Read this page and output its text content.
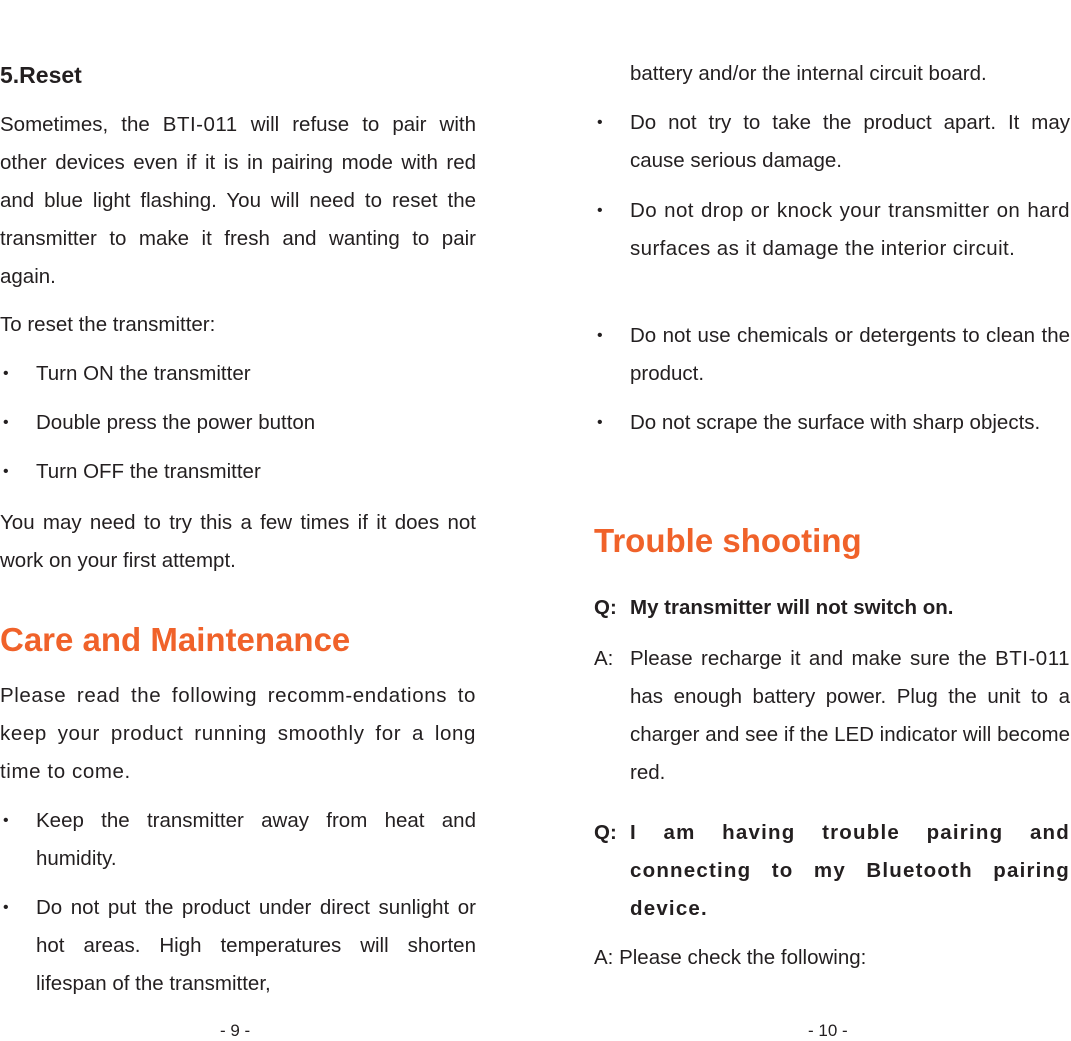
5.Reset

Sometimes, the BTI-011 will refuse to pair with other devices even if it is in pairing mode with red and blue light flashing. You will need to reset the transmitter to make it fresh and wanting to pair again.

To reset the transmitter:

• Turn ON the transmitter
• Double press the power button
• Turn OFF the transmitter

You may need to try this a few times if it does not work on your first attempt.

Care and Maintenance

Please read the following recomm-endations to keep your product running smoothly for a long time to come.

• Keep the transmitter away from heat and humidity.
• Do not put the product under direct sunlight or hot areas. High temperatures will shorten lifespan of the transmitter,
- 9 -
battery and/or the internal circuit board.
• Do not try to take the product apart. It may cause serious damage.
• Do not drop or knock your transmitter on hard surfaces as it damage the interior circuit.
• Do not use chemicals or detergents to clean the product.
• Do not scrape the surface with sharp objects.
Trouble shooting
Q: My transmitter will not switch on.
A: Please recharge it and make sure the BTI-011 has enough battery power. Plug the unit to a charger and see if the LED indicator will become red.
Q: I am having trouble pairing and connecting to my Bluetooth pairing device.

A: Please check the following:

- 10 -
